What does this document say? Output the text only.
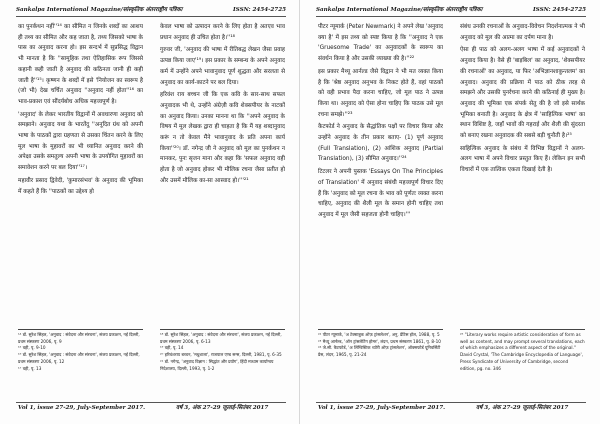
Sankalpa International Magazine/सांस्कृतिक अंतरराष्ट्रीय पत्रिका	ISSN: 2454-2725

का पुनर्कथन नहीं''¹⁴ का सीमित न जिनके शब्दों का आशय ही तथ्य का सीमित और कह जाता है, तथ्य जिसको भाषा के पास का अनुवाद करना हो। इस सन्दर्भ में सुप्रसिद्ध विद्वान भी मानता है कि ''सामूहिक तथा ऐतिहासिक रूप जिससे कहानी कही जाती है अनुवाद की कठिनता जानी ही कही जाती है''¹⁵। कृष्णन के शब्दों में इसे 'नियोजन का स्वरूप है (जो भी) देख चर्चित अनुवाद ''अनुवाद नहीं होता''¹⁶ का भाव-प्रकाश एवं सौंदर्यबोध अधिक महत्त्वपूर्ण है।

'अनुवाद' के लेकर भारतीय विद्वानों में अवधारणा अनुवाद को समझाने। अनुवाद यथा के भारतेंदु ''अनूदित ग्रंथ को अपनी भाषा के पाठकों द्वारा ग्रहणता से उसका चिंतन करने के लिए मूल भाषा के मुहावरों का भी ध्यानित अनुवाद करने की अपेक्षा उसके समतुल्य अपनी भाषा के उपयोगित मुहावरों का समावेशन करने पर बल दिया''¹⁷।

महावीर प्रसाद द्विवेदी, 'कुमारसंभव' के अनुवाद की भूमिका में कहते हैं कि ''पाठकों का उद्देश्य हो

केवल भाषा को उत्पादन करने के लिए होता है अतएव भाव प्रधान अनुवाद ही उचित होता है।''¹⁸

गुरुवर जी, 'अनुवाद की भाषा में रीतिबद्ध लेखन जैसा प्रवाह उत्पन्न किया जाए'¹⁹। इस प्रकार के सम्बन्ध के अपने अनुवाद कर्म में उन्होंने अपने भावानुवाद पूर्ण शुद्धता और सरलता से अनुवाद का कार्य-काटने पर बल दिया।

हरिवंश राय बच्चन जी कि एक कवि के सार-साथ सफल अनुवादक भी थे, उन्होंने अंग्रेज़ी कवि शेक्सपीयर के नाटकों का अनुवाद किया। उनका मानना था कि ''अपने अनुवाद के विषय में मूल लेखक द्वारा ही चाहता है कि मैं यह शब्दानुवाद करूं न तो केवल मैंने भावानुवाद के प्रति अपना कार्य किया''²⁰। डॉ. नगेन्द्र जी ने अनुवाद को मूल का पुनर्कथन न मानकर, पुनः सृजन माना और कहा कि 'सफल अनुवाद वही होता है जो अनुवाद होकर भी मौलिक रचना जैसा प्रतीत हो और उसमें मौलिक का-सा आस्वाद हो।'''²¹

¹⁴ डॉ. सुरेश सिंहल, 'अनुवाद : संवेदना और संरचना', संजय प्रकाशन, नई दिल्ली, प्रथम संस्करण 2006, पृ. 9

¹⁵ वही, पृ. 9-10

¹⁶ डॉ. सुरेश सिंहल, 'अनुवाद : संवेदना और संरचना', संजय प्रकाशन, नई दिल्ली, प्रथम संस्करण 2006, पृ. 12

¹⁷ वही, पृ. 13

¹⁸ डॉ. सुरेश सिंहल, 'अनुवाद : संवेदना और संरचना', संजय प्रकाशन, नई दिल्ली, प्रथम संस्करण 2006, पृ. 6-13

¹⁹ वही, पृ. 14

²⁰ हरिवंशराय बच्चन, 'मधुशाला', राजपाल एण्ड सन्स, दिल्ली, 1981, पृ. 6-35

²¹ डॉ. नगेन्द्र, 'अनुवाद विज्ञान : सिद्धांत और प्रयोग', हिंदी माध्यम कार्यान्वय निदेशालय, दिल्ली, 1993, पृ. 1-2

Vol 1, issue 27-29, July-September 2017.	वर्ष 3, अंक 27-29 जुलाई-सितंबर 2017
Sankalpa International Magazine/सांस्कृतिक अंतरराष्ट्रीय पत्रिका	ISSN: 2454-2725

पीटर न्यूमार्क (Peter Newmark) ने अपने लेख 'अनुवाद क्या है' में इस तथ्य को स्पष्ट किया है कि ''अनुवाद ने एक 'Gruesome Trade' का अनुवादकों के स्वरूप का संवर्धन किया है और उसकी व्याख्या की है।''²²

इस प्रकार मैथ्यू आर्नल्ड जैसे विद्वान ने भी मत व्यक्त किया है कि 'श्रेष्ठ अनुवाद अनुभव के निकट होते हैं, वहां पाठकों को वही प्रभाव पैदा करना चाहिए, जो मूल पाठ ने उत्पन्न किया था। अनुवाद को ऐसा होना चाहिए कि पाठक उसे मूल रचना समझे।''²³

कैटफोर्ड ने अनुवाद के सैद्धांतिक पक्षों पर विचार किया और उन्होंने अनुवाद के तीन प्रकार बताए- (1) पूर्ण अनुवाद (Full Translation), (2) आंशिक अनुवाद (Partial Translation), (3) सीमित अनुवाद।''²⁴

टिटलर ने अपनी पुस्तक 'Essays On The Principles of Translation' में अनुवाद संबंधी महत्त्वपूर्ण विचार दिए हैं कि 'अनुवाद को मूल रचना के भाव को पूर्णतः व्यक्त करना चाहिए, अनुवाद की शैली मूल के समान होनी चाहिए तथा अनुवाद में मूल जैसी सहजता होनी चाहिए।'''

संबंध उनकी रचनाओं के अनुवाद-विवेचन निदर्शनात्मक ने भी अनुवाद को मूल की आत्मा का दर्पण माना है।

ऐसा ही पाठ को अलग-अलग भाषा में कई अनुवादकों ने अनुवाद किया है। वैसे ही 'बाइबिल' का अनुवाद, 'शेक्सपीयर की रचनाओं' का अनुवाद, या फिर 'अभिज्ञानशाकुन्तलम' का अनुवाद। अनुवाद की प्रक्रिया में पाठ को ठीक तरह से समझने और उसकी पुनर्रचना करने की कठिनाई ही मुख्य है। अनुवाद की भूमिका एक संपर्क सेतु की है जो इसे सार्थक भूमिका बनाती है। अनुवाद के क्षेत्र में 'साहित्यिक भाषा' का स्थान विशिष्ट है, जहाँ भावों की गहराई और शैली की सुंदरता को बनाए रखना अनुवादक की सबसे बड़ी चुनौती है।²⁵

साहित्यिक अनुवाद के संबंध में विभिन्न विद्वानों ने अलग-अलग भाषा में अपने विचार प्रस्तुत किए हैं। लेकिन इन सभी विचारों में एक तात्विक एकता दिखाई देती है।

²² पीटर न्यूमार्क, 'अ टेक्स्टबुक ऑफ़ ट्रांसलेशन', अनु. प्रेंटिस हॉल, 1988, पृ. 5

²³ मैथ्यू आर्नल्ड, 'ऑन ट्रांसलेटिंग होमर', लंदन, प्रथम संस्करण 1861, पृ. 8-10

²⁴ जे.सी. कैटफोर्ड, 'अ लिंग्विस्टिक थ्योरी ऑफ़ ट्रांसलेशन', ऑक्सफोर्ड यूनिवर्सिटी प्रेस, लंदन, 1965, पृ. 21-24

²⁵ "Literary works require artistic consideration of form as well as content, and may prompt several translations, each of which emphasizes a different aspect of the original." David Crystal, 'The Cambridge Encyclopedia of Language', Press Syndicate of University of Cambridge, second edition, pg. no. 346

Vol 1, issue 27-29, July-September 2017.	वर्ष 3, अंक 27-29 जुलाई-सितंबर 2017
